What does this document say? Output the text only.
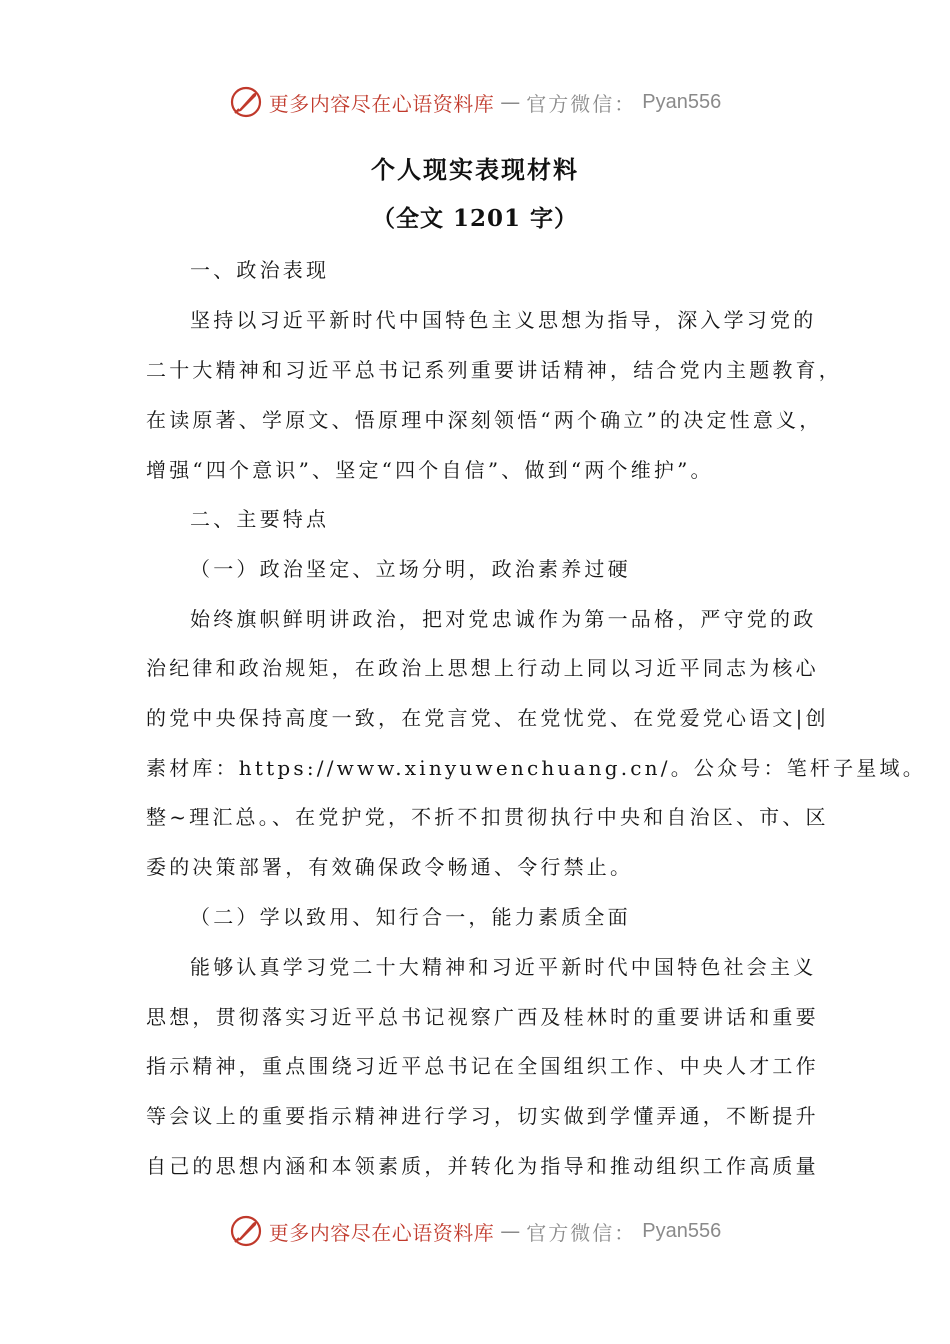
更多内容尽在心语资料库 — 官方微信： Pyan556
个人现实表现材料
（全文 1201 字）
一、政治表现
坚持以习近平新时代中国特色主义思想为指导，深入学习党的
二十大精神和习近平总书记系列重要讲话精神，结合党内主题教育，
在读原著、学原文、悟原理中深刻领悟“两个确立”的决定性意义，
增强“四个意识”、坚定“四个自信”、做到“两个维护”。
二、主要特点
（一）政治坚定、立场分明，政治素养过硬
始终旗帜鲜明讲政治，把对党忠诚作为第一品格，严守党的政
治纪律和政治规矩，在政治上思想上行动上同以习近平同志为核心
的党中央保持高度一致，在党言党、在党忧党、在党爱党心语文|创
素材库：https://www.xinyuwenchuang.cn/。公众号：笔杆子星域。
整~理汇总。、在党护党，不折不扣贯彻执行中央和自治区、市、区
委的决策部署，有效确保政令畅通、令行禁止。
（二）学以致用、知行合一，能力素质全面
能够认真学习党二十大精神和习近平新时代中国特色社会主义
思想，贯彻落实习近平总书记视察广西及桂林时的重要讲话和重要
指示精神，重点围绕习近平总书记在全国组织工作、中央人才工作
等会议上的重要指示精神进行学习，切实做到学懂弄通，不断提升
自己的思想内涵和本领素质，并转化为指导和推动组织工作高质量
更多内容尽在心语资料库 — 官方微信： Pyan556
